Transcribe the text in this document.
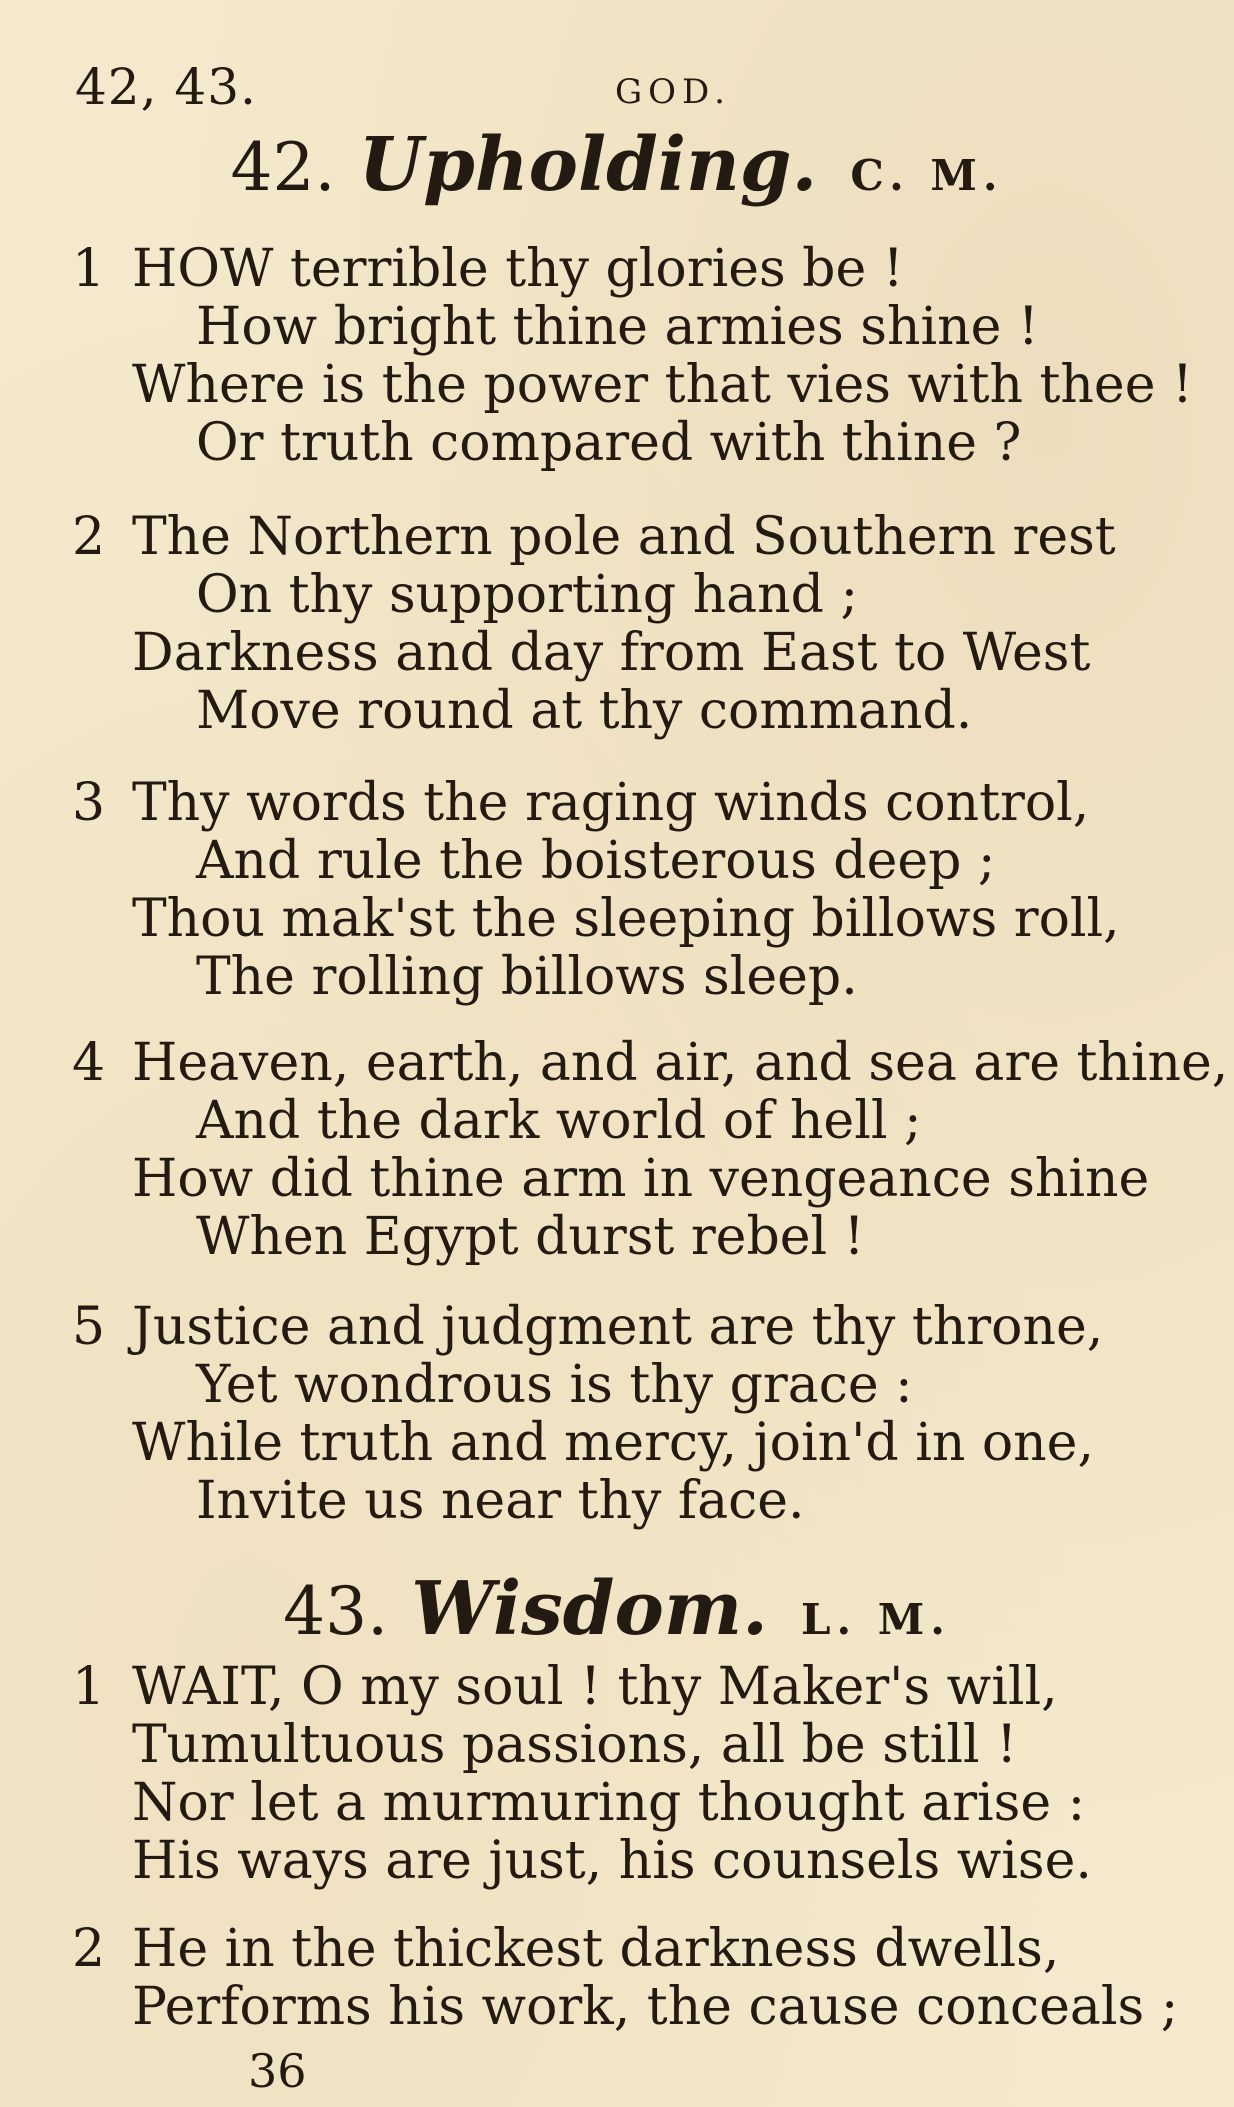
42, 43.	GOD.
42. Upholding. C. M.
1 HOW terrible thy glories be !
How bright thine armies shine !
Where is the power that vies with thee !
Or truth compared with thine ?
2 The Northern pole and Southern rest
On thy supporting hand ;
Darkness and day from East to West
Move round at thy command.
3 Thy words the raging winds control,
And rule the boisterous deep ;
Thou mak'st the sleeping billows roll,
The rolling billows sleep.
4 Heaven, earth, and air, and sea are thine,
And the dark world of hell ;
How did thine arm in vengeance shine
When Egypt durst rebel !
5 Justice and judgment are thy throne,
Yet wondrous is thy grace :
While truth and mercy, join'd in one,
Invite us near thy face.
43. Wisdom. L. M.
1 WAIT, O my soul ! thy Maker's will,
Tumultuous passions, all be still !
Nor let a murmuring thought arise :
His ways are just, his counsels wise.
2 He in the thickest darkness dwells,
Performs his work, the cause conceals ;
36
